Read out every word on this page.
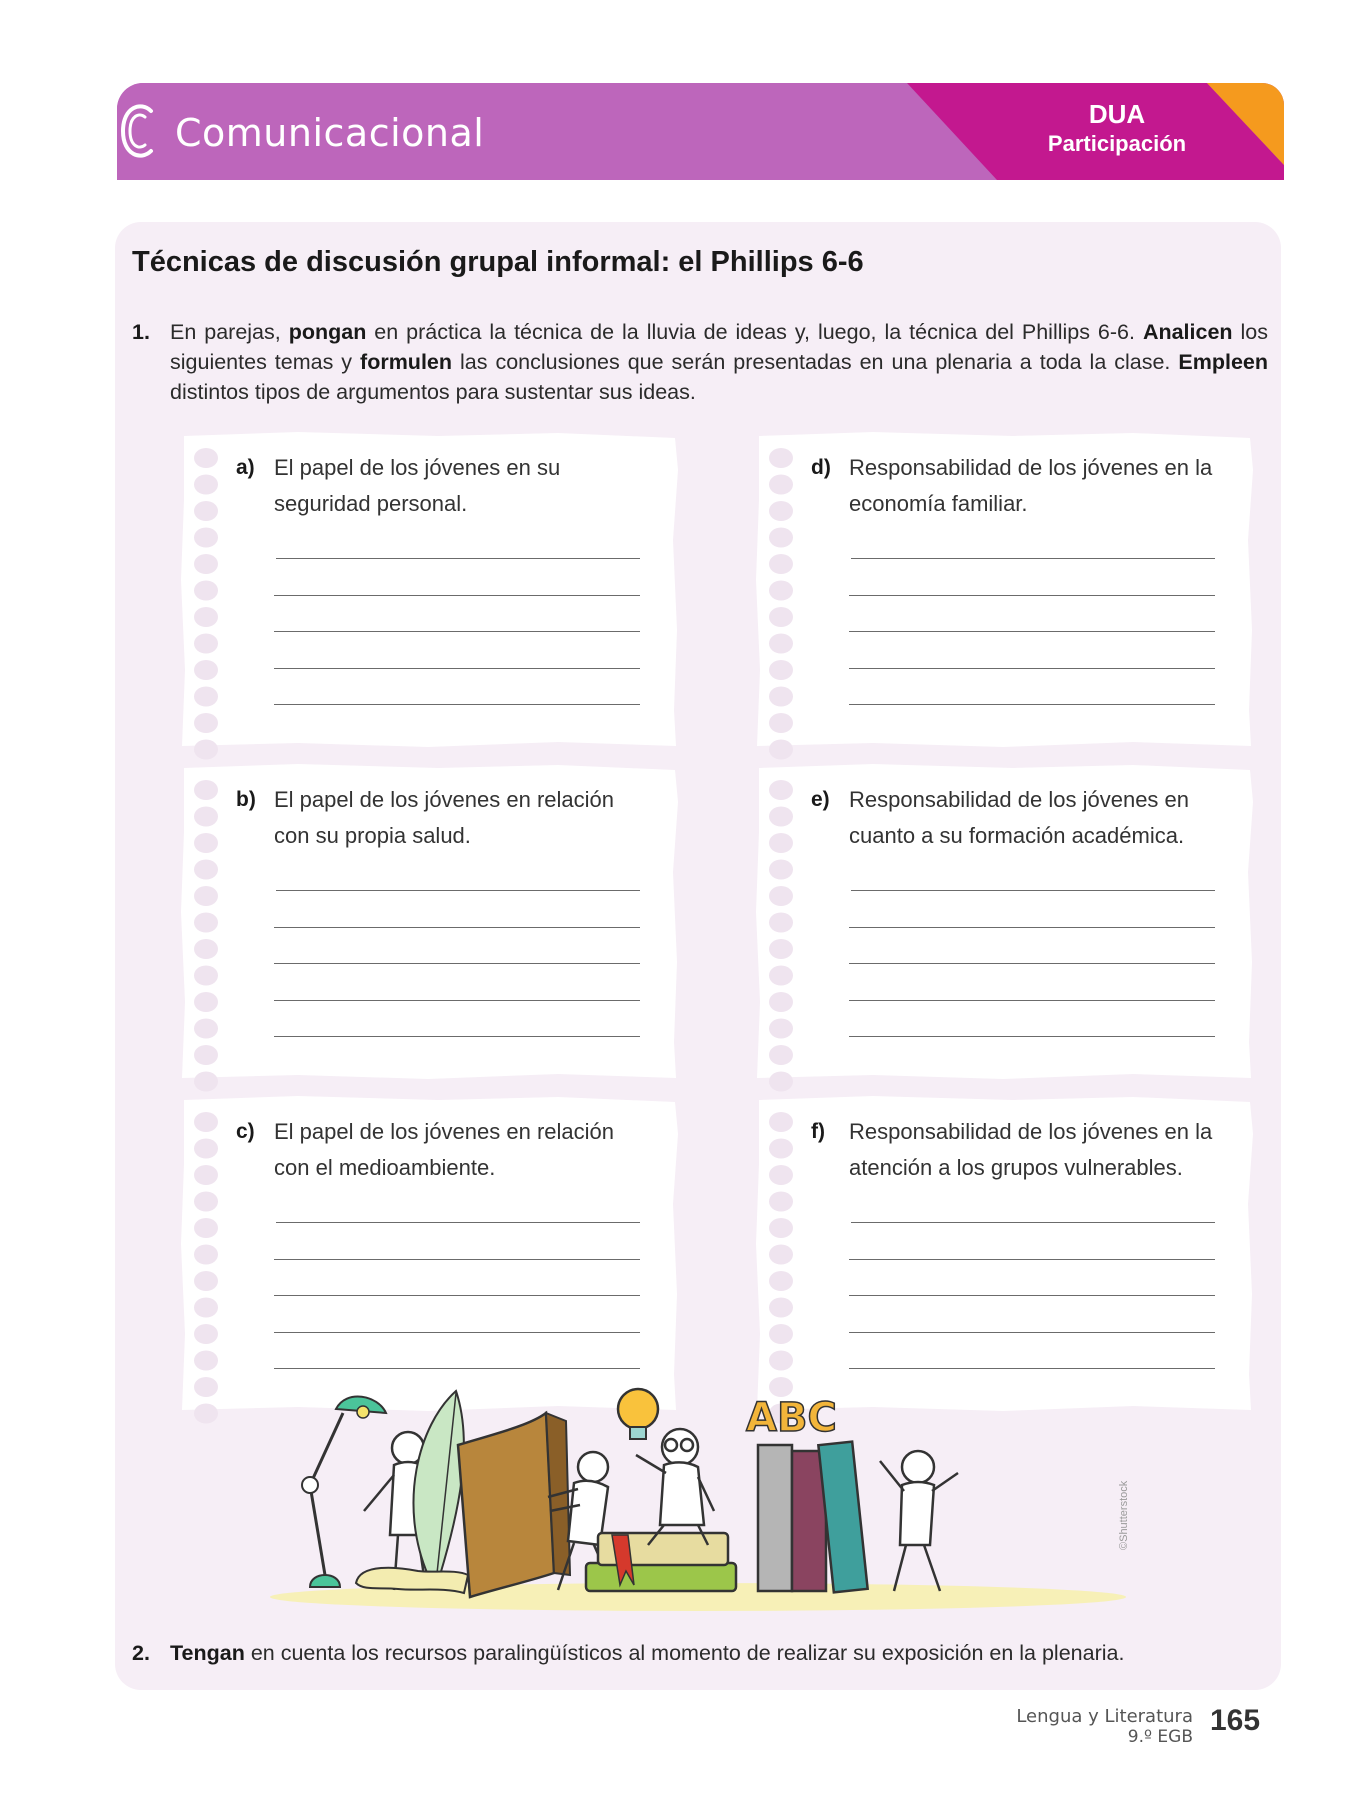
Comunicacional	DUA
Participación
Técnicas de discusión grupal informal: el Phillips 6-6
1. En parejas, pongan en práctica la técnica de la lluvia de ideas y, luego, la técnica del Phillips 6-6. Analicen los siguientes temas y formulen las conclusiones que serán presentadas en una plenaria a toda la clase. Empleen distintos tipos de argumentos para sustentar sus ideas.
a) El papel de los jóvenes en su seguridad personal.
b) El papel de los jóvenes en relación con su propia salud.
c) El papel de los jóvenes en relación con el medioambiente.
d) Responsabilidad de los jóvenes en la economía familiar.
e) Responsabilidad de los jóvenes en cuanto a su formación académica.
f) Responsabilidad de los jóvenes en la atención a los grupos vulnerables.
ABC
©Shutterstock
2. Tengan en cuenta los recursos paralingüísticos al momento de realizar su exposición en la plenaria.
Lengua y Literatura
9.º EGB 165
